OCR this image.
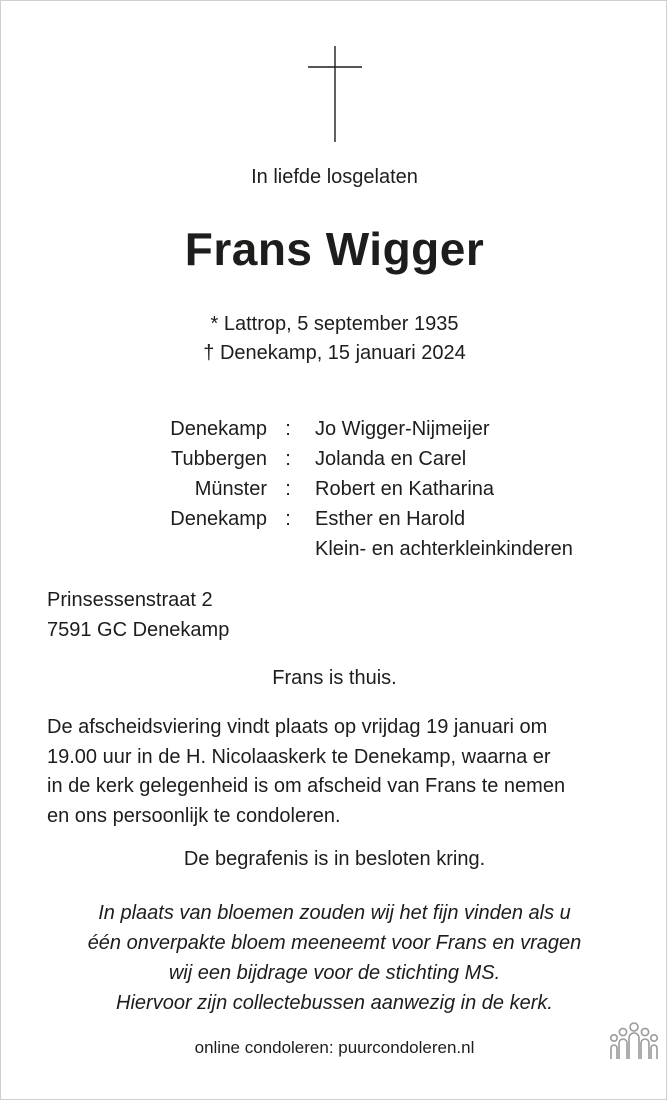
In liefde losgelaten
Frans Wigger
* Lattrop, 5 september 1935
† Denekamp, 15 januari 2024
Denekamp : Jo Wigger-Nijmeijer
Tubbergen : Jolanda en Carel
Münster : Robert en Katharina
Denekamp : Esther en Harold
Klein- en achterkleinkinderen
Prinsessenstraat 2
7591 GC Denekamp
Frans is thuis.
De afscheidsviering vindt plaats op vrijdag 19 januari om
19.00 uur in de H. Nicolaaskerk te Denekamp, waarna er
in de kerk gelegenheid is om afscheid van Frans te nemen
en ons persoonlijk te condoleren.
De begrafenis is in besloten kring.
In plaats van bloemen zouden wij het fijn vinden als u
één onverpakte bloem meeneemt voor Frans en vragen
wij een bijdrage voor de stichting MS.
Hiervoor zijn collectebussen aanwezig in de kerk.
online condoleren: puurcondoleren.nl
